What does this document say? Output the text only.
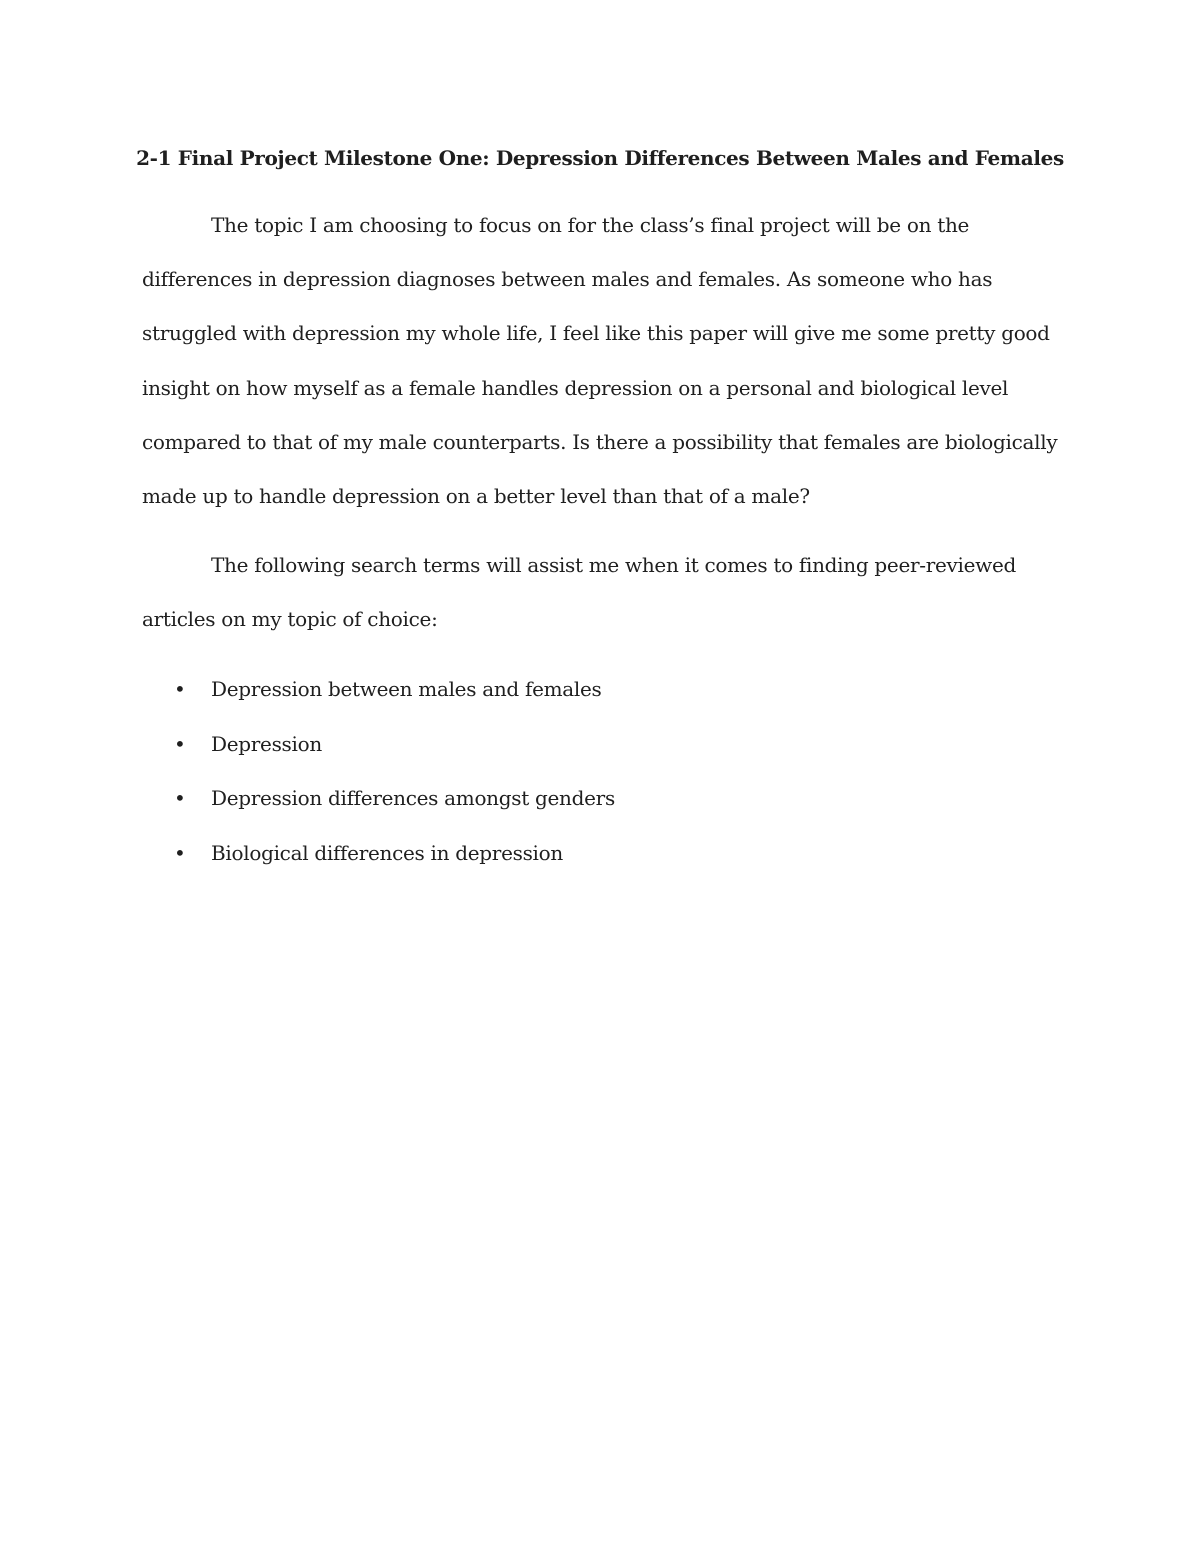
2-1 Final Project Milestone One: Depression Differences Between Males and Females

The topic I am choosing to focus on for the class’s final project will be on the differences in depression diagnoses between males and females. As someone who has struggled with depression my whole life, I feel like this paper will give me some pretty good insight on how myself as a female handles depression on a personal and biological level compared to that of my male counterparts. Is there a possibility that females are biologically made up to handle depression on a better level than that of a male?

The following search terms will assist me when it comes to finding peer-reviewed articles on my topic of choice:

• Depression between males and females
• Depression
• Depression differences amongst genders
• Biological differences in depression
